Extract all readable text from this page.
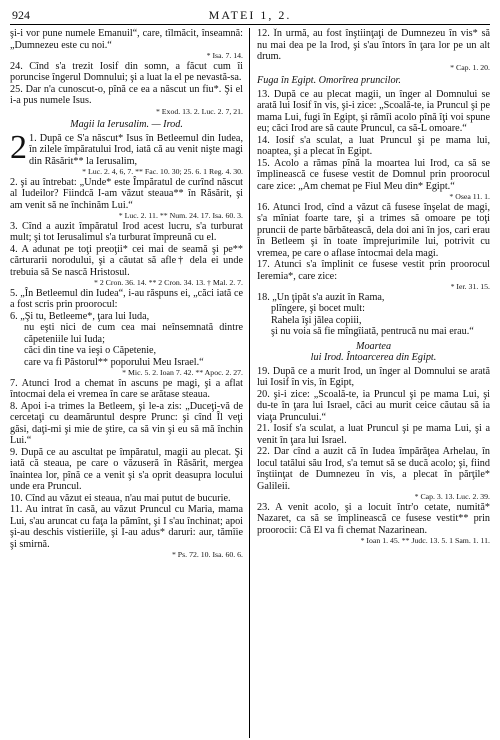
924	MATEI 1, 2.

şi-i vor pune numele Emanuil“, care, tîlmăcit, înseamnă: „Dumnezeu este cu noi.“
* Isa. 7. 14.

24. Cînd s'a trezit Iosif din somn, a făcut cum îi poruncise îngerul Domnului; şi a luat la el pe nevastă-sa.

25. Dar n'a cunoscut-o, pînă ce ea a născut un fiu*. Şi el i-a pus numele Isus.
* Exod. 13. 2. Luc. 2. 7, 21.

Magii la Ierusalim. — Irod.
2 1. După ce S'a născut* Isus în Betleemul din Iudea, în zilele împăratului Irod, iată că au venit nişte magi din Răsărit** la Ierusalim,

* Luc. 2. 4, 6, 7. ** Fac. 10. 30; 25. 6. 1 Reg. 4. 30.

2. şi au întrebat: „Unde* este Împăratul de curînd născut al Iudeilor? Fiindcă I-am văzut steaua** în Răsărit, şi am venit să ne închinăm Lui.“
* Luc. 2. 11. ** Num. 24. 17. Isa. 60. 3.

3. Cînd a auzit împăratul Irod acest lucru, s'a turburat mult; şi tot Ierusalimul s'a turburat împreună cu el.

4. A adunat pe toţi preoţii* cei mai de seamă şi pe** cărturarii norodului, şi a căutat să afle† dela ei unde trebuia să Se nască Hristosul.
* 2 Cron. 36. 14. ** 2 Cron. 34. 13. † Mal. 2. 7.

5. „În Betleemul din Iudea“, i-au răspuns ei, „căci iată ce a fost scris prin proorocul:

6. „Şi tu, Betleeme*, ţara lui Iuda,

nu eşti nici de cum cea mai neînsemnată dintre căpeteniile lui Iuda;
căci din tine va ieşi o Căpetenie,
care va fi Păstorul** poporului Meu Israel.“
* Mic. 5. 2. Ioan 7. 42. ** Apoc. 2. 27.

7. Atunci Irod a chemat în ascuns pe magi, şi a aflat întocmai dela ei vremea în care se arătase steaua.

8. Apoi i-a trimes la Betleem, şi le-a zis: „Duceţi-vă de cercetaţi cu deamăruntul despre Prunc: şi cînd Îl veţi găsi, daţi-mi şi mie de ştire, ca să vin şi eu să mă închin Lui.“

9. După ce au ascultat pe împăratul, magii au plecat. Şi iată că steaua, pe care o văzuseră în Răsărit, mergea înaintea lor, pînă ce a venit şi s'a oprit deasupra locului unde era Pruncul.

10. Cînd au văzut ei steaua, n'au mai putut de bucurie.

11. Au intrat în casă, au văzut Pruncul cu Maria, mama Lui, s'au aruncat cu faţa la pămînt, şi I s'au închinat; apoi şi-au deschis vistieriile, şi I-au adus* daruri: aur, tămîie şi smirnă.
* Ps. 72. 10. Isa. 60. 6.

12. În urmă, au fost înştiinţaţi de Dumnezeu în vis* să nu mai dea pe la Irod, şi s'au întors în ţara lor pe un alt drum.
* Cap. 1. 20.

Fuga în Egipt. Omorîrea pruncilor.

13. După ce au plecat magii, un înger al Domnului se arată lui Iosif în vis, şi-i zice: „Scoală-te, ia Pruncul şi pe mama Lui, fugi în Egipt, şi rămîi acolo pînă îţi voi spune eu; căci Irod are să caute Pruncul, ca să-L omoare.“

14. Iosif s'a sculat, a luat Pruncul şi pe mama lui, noaptea, şi a plecat în Egipt.

15. Acolo a rămas pînă la moartea lui Irod, ca să se împlinească ce fusese vestit de Domnul prin proorocul care zice: „Am chemat pe Fiul Meu din* Egipt.“
* Osea 11. 1.

16. Atunci Irod, cînd a văzut că fusese înşelat de magi, s'a mîniat foarte tare, şi a trimes să omoare pe toţi pruncii de parte bărbătească, dela doi ani în jos, cari erau în Betleem şi în toate împrejurimile lui, potrivit cu vremea, pe care o aflase întocmai dela magi.

17. Atunci s'a împlinit ce fusese vestit prin proorocul Ieremia*, care zice:
* Ier. 31. 15.

18. „Un ţipăt s'a auzit în Rama,

plîngere, şi bocet mult:
Rahela îşi jălea copiii,
şi nu voia să fie mîngîiată, pentrucă nu mai erau.“
Moartea
lui Irod. Întoarcerea din Egipt.

19. După ce a murit Irod, un înger al Domnului se arată lui Iosif în vis, în Egipt,

20. şi-i zice: „Scoală-te, ia Pruncul şi pe mama Lui, şi du-te în ţara lui Israel, căci au murit ceice căutau să ia viaţa Pruncului.“

21. Iosif s'a sculat, a luat Pruncul şi pe mama Lui, şi a venit în ţara lui Israel.

22. Dar cînd a auzit că în Iudea împărăţea Arhelau, în locul tatălui său Irod, s'a temut să se ducă acolo; şi, fiind înştiinţat de Dumnezeu în vis, a plecat în părţile* Galileii.
* Cap. 3. 13. Luc. 2. 39.

23. A venit acolo, şi a locuit într'o cetate, numită* Nazaret, ca să se împlinească ce fusese vestit** prin proorocii: Că El va fi chemat Nazarinean.
* Ioan 1. 45. ** Judc. 13. 5. 1 Sam. 1. 11.
